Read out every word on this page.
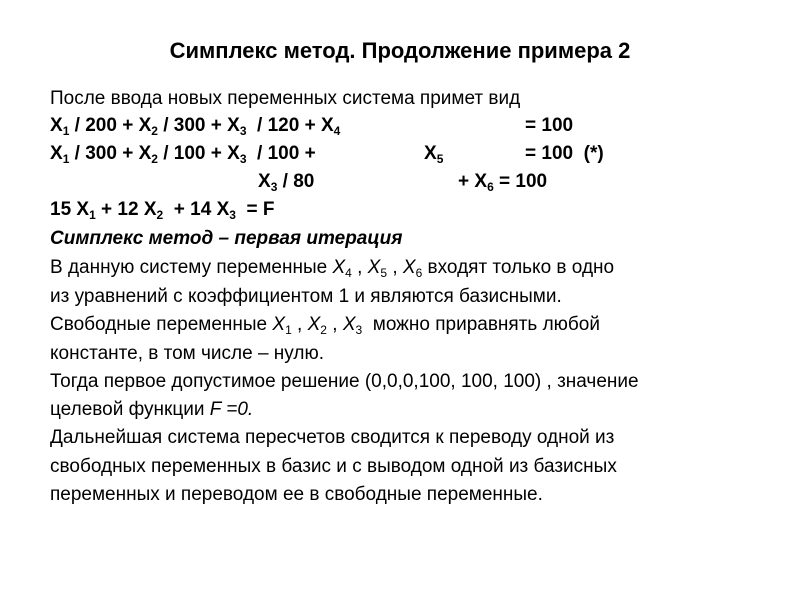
Симплекс метод. Продолжение примера 2
После ввода новых переменных система примет вид
$X_1 / 200 + X_2 / 300 + X_3 / 120 + X_4$	= 100
$X_1 / 300 + X_2 / 100 + X_3 / 100$ +	$X_5$	= 100  (*)
$X_3 / 80$	+ $X_6 = 100$
15 $X_1 + 12$ $X_2 + 14$ $X_3 = F$
Симплекс метод – первая итерация
В данную систему переменные $X_4$ , $X_5$ , $X_6$ входят только в одно
из уравнений с коэффициентом 1 и являются базисными.
Свободные переменные $X_1$ , $X_2$ , $X_3$  можно приравнять любой
константе, в том числе – нулю.
Тогда первое допустимое решение (0,0,0,100, 100, 100) , значение
целевой функции F =0.
Дальнейшая система пересчетов сводится к переводу одной из
свободных переменных в базис и с выводом одной из базисных
переменных и переводом ее в свободные переменные.
